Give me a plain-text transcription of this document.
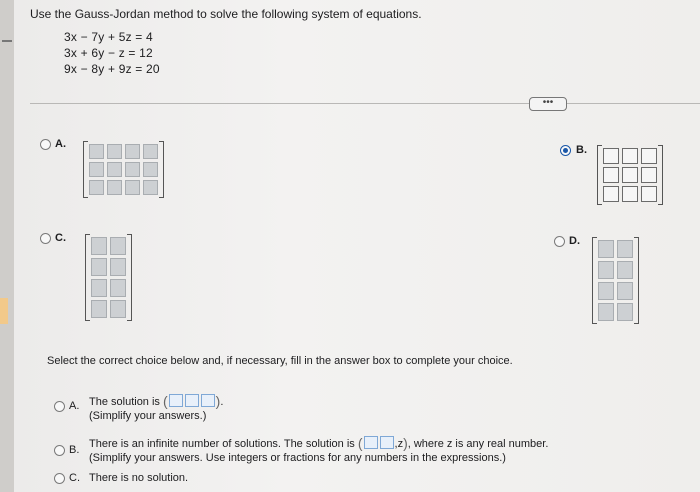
Use the Gauss-Jordan method to solve the following system of equations.
3x − 7y + 5z = 4
3x + 6y − z = 12
9x − 8y + 9z = 20
•••
A.	B.
C.	D.
Select the correct choice below and, if necessary, fill in the answer box to complete your choice.
A. The solution is (	).
(Simplify your answers.)
B. There is an infinite number of solutions. The solution is (	,z), where z is any real number.
(Simplify your answers. Use integers or fractions for any numbers in the expressions.)
C. There is no solution.
